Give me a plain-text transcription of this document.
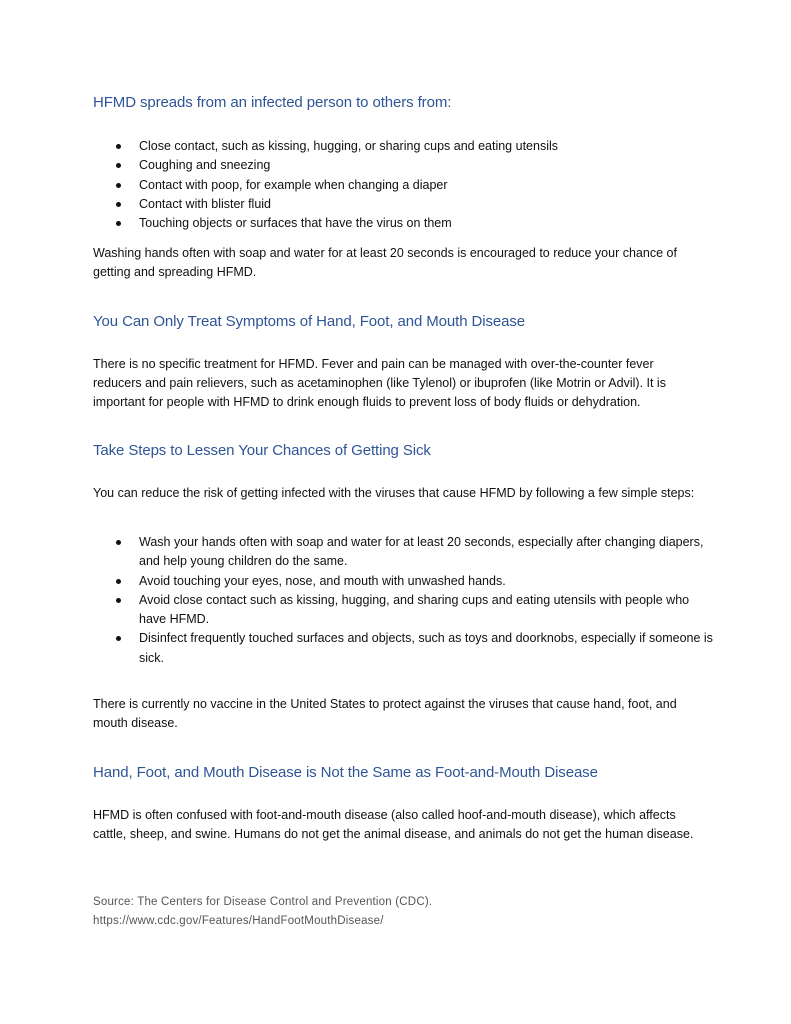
HFMD spreads from an infected person to others from:
Close contact, such as kissing, hugging, or sharing cups and eating utensils
Coughing and sneezing
Contact with poop, for example when changing a diaper
Contact with blister fluid
Touching objects or surfaces that have the virus on them

Washing hands often with soap and water for at least 20 seconds is encouraged to reduce your chance of getting and spreading HFMD.

You Can Only Treat Symptoms of Hand, Foot, and Mouth Disease

There is no specific treatment for HFMD. Fever and pain can be managed with over-the-counter fever reducers and pain relievers, such as acetaminophen (like Tylenol) or ibuprofen (like Motrin or Advil). It is important for people with HFMD to drink enough fluids to prevent loss of body fluids or dehydration.

Take Steps to Lessen Your Chances of Getting Sick

You can reduce the risk of getting infected with the viruses that cause HFMD by following a few simple steps:

Wash your hands often with soap and water for at least 20 seconds, especially after changing diapers, and help young children do the same.
Avoid touching your eyes, nose, and mouth with unwashed hands.
Avoid close contact such as kissing, hugging, and sharing cups and eating utensils with people who have HFMD.
Disinfect frequently touched surfaces and objects, such as toys and doorknobs, especially if someone is sick.

There is currently no vaccine in the United States to protect against the viruses that cause hand, foot, and mouth disease.

Hand, Foot, and Mouth Disease is Not the Same as Foot-and-Mouth Disease

HFMD is often confused with foot-and-mouth disease (also called hoof-and-mouth disease), which affects cattle, sheep, and swine. Humans do not get the animal disease, and animals do not get the human disease.

Source: The Centers for Disease Control and Prevention (CDC).

https://www.cdc.gov/Features/HandFootMouthDisease/
